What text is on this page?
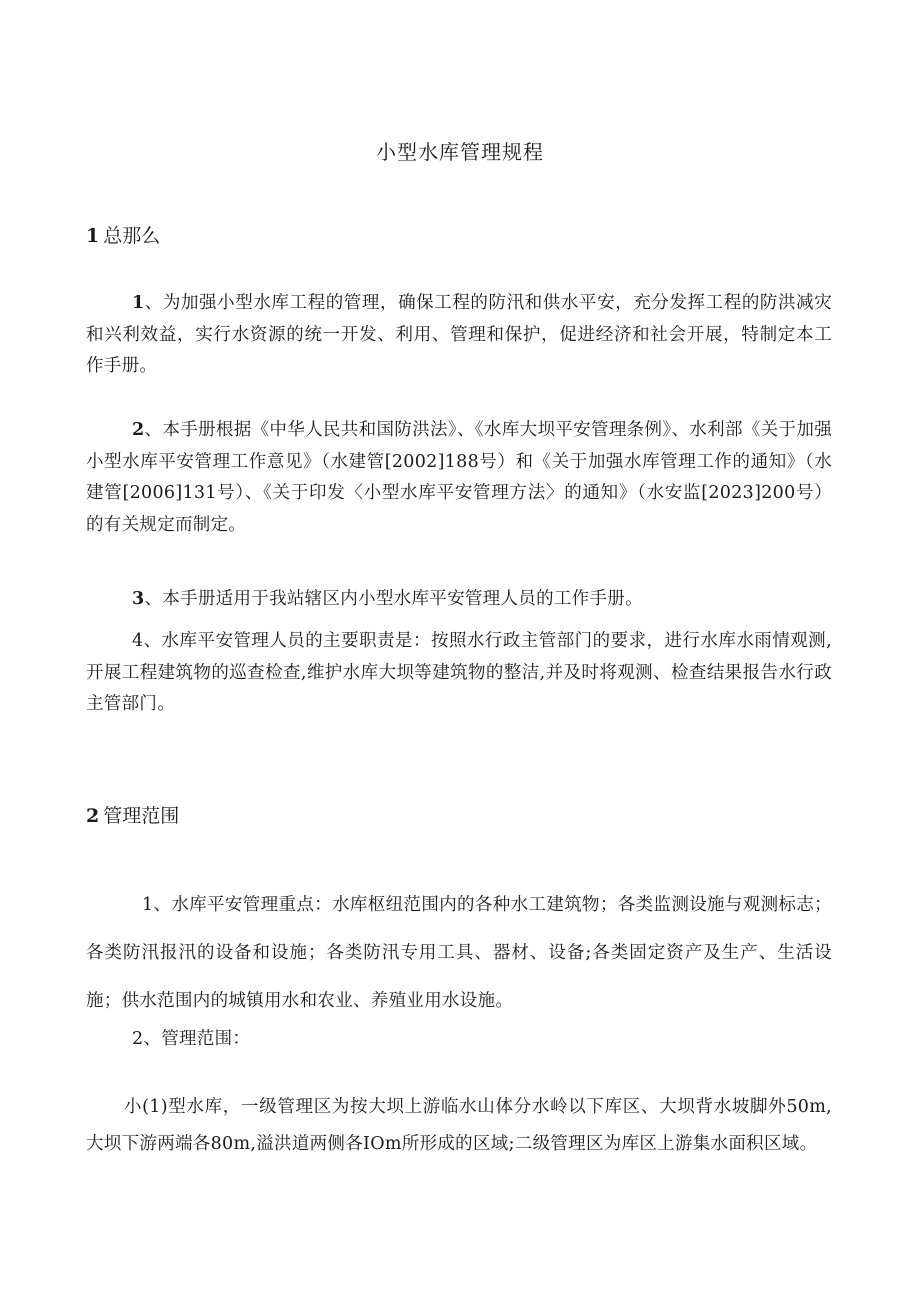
小型水库管理规程
1 总那么

1、为加强小型水库工程的管理，确保工程的防汛和供水平安，充分发挥工程的防洪减灾和兴利效益，实行水资源的统一开发、利用、管理和保护，促进经济和社会开展，特制定本工作手册。

2、本手册根据《中华人民共和国防洪法》、《水库大坝平安管理条例》、水利部《关于加强小型水库平安管理工作意见》（水建管[2002]188号）和《关于加强水库管理工作的通知》（水建管[2006]131号）、《关于印发〈小型水库平安管理方法〉的通知》（水安监[2023]200号）的有关规定而制定。

3、本手册适用于我站辖区内小型水库平安管理人员的工作手册。

4、水库平安管理人员的主要职责是：按照水行政主管部门的要求，进行水库水雨情观测,开展工程建筑物的巡查检查,维护水库大坝等建筑物的整洁,并及时将观测、检查结果报告水行政主管部门。

2 管理范围

1、水库平安管理重点：水库枢纽范围内的各种水工建筑物；各类监测设施与观测标志；各类防汛报汛的设备和设施；各类防汛专用工具、器材、设备;各类固定资产及生产、生活设施；供水范围内的城镇用水和农业、养殖业用水设施。

2、管理范围：

小(1)型水库，一级管理区为按大坝上游临水山体分水岭以下库区、大坝背水坡脚外50m,大坝下游两端各80m,溢洪道两侧各IOm所形成的区域;二级管理区为库区上游集水面积区域。
